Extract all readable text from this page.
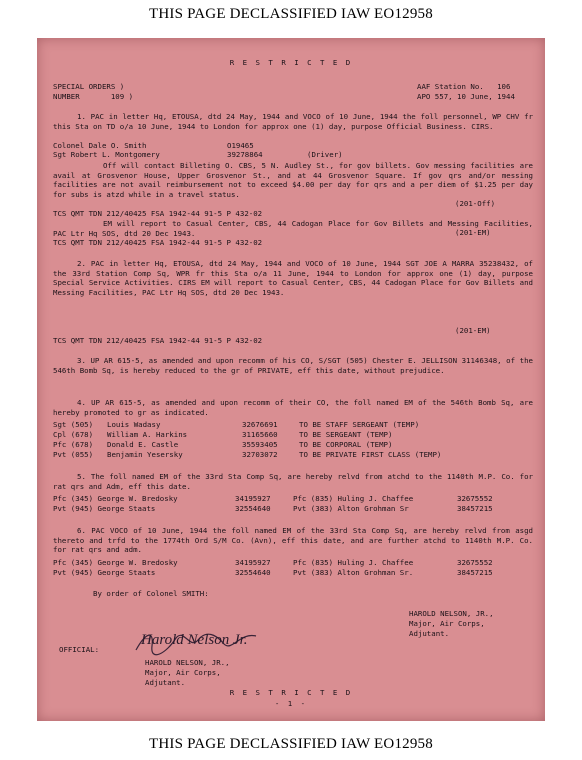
THIS PAGE DECLASSIFIED IAW EO12958
R E S T R I C T E D
SPECIAL ORDERS )
NUMBER       109 )
AAF Station No.   106
APO 557, 10 June, 1944
1. PAC in letter Hq, ETOUSA, dtd 24 May, 1944 and VOCO of 10 June, 1944 the foll personnel, WP CHV fr this Sta on TD o/a 10 June, 1944 to London for approx one (1) day, purpose Official Business. CIRS.
Colonel Dale O. Smith	O19465
Sgt Robert L. Montgomery	39278864	(Driver)
Off will contact Billeting O. CBS, 5 N. Audley St., for gov billets. Gov messing facilities are avail at Grosvenor House, Upper Grosvenor St., and at 44 Grosvenor Square. If gov qrs and/or messing facilities are not avail reimbursement not to exceed $4.00 per day for qrs and a per diem of $1.25 per day for subs is atzd while in a travel status.
(201-Off)
TCS QMT TDN 212/40425 FSA 1942-44 91-5 P 432-02
EM will report to Casual Center, CBS, 44 Cadogan Place for Gov Billets and Messing Facilities, PAC Ltr Hq SOS, dtd 20 Dec 1943.	(201-EM)
TCS QMT TDN 212/40425 FSA 1942-44 91-5 P 432-02
2. PAC in letter Hq, ETOUSA, dtd 24 May, 1944 and VOCO of 10 June, 1944 SGT JOE A MARRA 35238432, of the 33rd Station Comp Sq, WPR fr this Sta o/a 11 June, 1944 to London for approx one (1) day, purpose Special Service Activities. CIRS EM will report to Casual Center, CBS, 44 Cadogan Place for Gov Billets and Messing Facilities, PAC Ltr Hq SOS, dtd 20 Dec 1943.
(201-EM)
TCS QMT TDN 212/40425 FSA 1942-44 91-5 P 432-02
3. UP AR 615-5, as amended and upon recomm of his CO, S/SGT (505) Chester E. JELLISON 31146348, of the 546th Bomb Sq, is hereby reduced to the gr of PRIVATE, eff this date, without prejudice.
4. UP AR 615-5, as amended and upon recomm of their CO, the foll named EM of the 546th Bomb Sq, are hereby promoted to gr as indicated.
Sgt (505) Louis Wadasy	32676691	TO BE STAFF SERGEANT (TEMP)
Cpl (678) William A. Harkins	31165660	TO BE SERGEANT (TEMP)
Pfc (678) Donald E. Castle	35593405	TO BE CORPORAL (TEMP)
Pvt (055) Benjamin Yesersky	32703072	TO BE PRIVATE FIRST CLASS (TEMP)
5. The foll named EM of the 33rd Sta Comp Sq, are hereby relvd from atchd to the 1140th M.P. Co. for rat qrs and Adm, eff this date.
Pfc (345) George W. Bredosky	34195927	Pfc (835) Huling J. Chaffee	32675552
Pvt (945) George Staats	32554640	Pvt (383) Alton Grohman Sr	38457215
6. PAC VOCO of 10 June, 1944 the foll named EM of the 33rd Sta Comp Sq, are hereby relvd from asgd thereto and trfd to the 1774th Ord S/M Co. (Avn), eff this date, and are further atchd to 1140th M.P. Co. for rat qrs and adm.
Pfc (345) George W. Bredosky	34195927	Pfc (835) Huling J. Chaffee	32675552
Pvt (945) George Staats	32554640	Pvt (383) Alton Grohman Sr.	38457215
By order of Colonel SMITH:
HAROLD NELSON, JR.,
Major, Air Corps,
Adjutant.
OFFICIAL:
Harold Nelson Jr.
HAROLD NELSON, JR.,
Major, Air Corps,
Adjutant.
R E S T R I C T E D
- 1 -
THIS PAGE DECLASSIFIED IAW EO12958
